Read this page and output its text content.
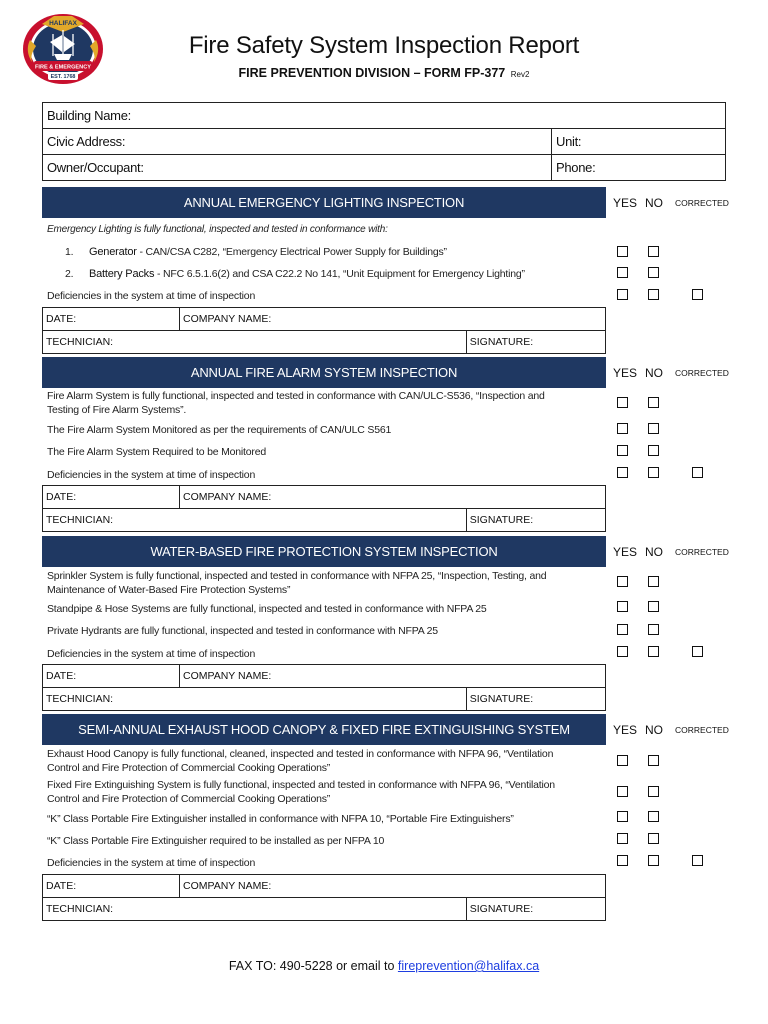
HALIFAX
FIRE & EMERGENCY
EST. 1768
Fire Safety System Inspection Report
FIRE PREVENTION DIVISION – FORM FP-377 Rev2
Building Name:	
Civic Address:	Unit:
Owner/Occupant:	Phone:
ANNUAL EMERGENCY LIGHTING INSPECTION	YES NO CORRECTED
Emergency Lighting is fully functional, inspected and tested in conformance with:
1. Generator - CAN/CSA C282, “Emergency Electrical Power Supply for Buildings”
2. Battery Packs - NFC 6.5.1.6(2) and CSA C22.2 No 141, “Unit Equipment for Emergency Lighting”
Deficiencies in the system at time of inspection
DATE:	COMPANY NAME:	
TECHNICIAN:		SIGNATURE:
ANNUAL FIRE ALARM SYSTEM INSPECTION	YES NO CORRECTED
Fire Alarm System is fully functional, inspected and tested in conformance with CAN/ULC-S536, “Inspection and
Testing of Fire Alarm Systems”.
The Fire Alarm System Monitored as per the requirements of CAN/ULC S561
The Fire Alarm System Required to be Monitored
Deficiencies in the system at time of inspection
DATE:	COMPANY NAME:	
TECHNICIAN:		SIGNATURE:
WATER-BASED FIRE PROTECTION SYSTEM INSPECTION	YES NO CORRECTED
Sprinkler System is fully functional, inspected and tested in conformance with NFPA 25, “Inspection, Testing, and
Maintenance of Water-Based Fire Protection Systems”
Standpipe & Hose Systems are fully functional, inspected and tested in conformance with NFPA 25
Private Hydrants are fully functional, inspected and tested in conformance with NFPA 25
Deficiencies in the system at time of inspection
DATE:	COMPANY NAME:	
TECHNICIAN:		SIGNATURE:
SEMI-ANNUAL EXHAUST HOOD CANOPY & FIXED FIRE EXTINGUISHING SYSTEM	YES NO CORRECTED
Exhaust Hood Canopy is fully functional, cleaned, inspected and tested in conformance with NFPA 96, “Ventilation
Control and Fire Protection of Commercial Cooking Operations”
Fixed Fire Extinguishing System is fully functional, inspected and tested in conformance with NFPA 96, “Ventilation
Control and Fire Protection of Commercial Cooking Operations”
“K” Class Portable Fire Extinguisher installed in conformance with NFPA 10, “Portable Fire Extinguishers”
“K” Class Portable Fire Extinguisher required to be installed as per NFPA 10
Deficiencies in the system at time of inspection
DATE:	COMPANY NAME:	
TECHNICIAN:		SIGNATURE:
FAX TO: 490-5228 or email to fireprevention@halifax.ca
